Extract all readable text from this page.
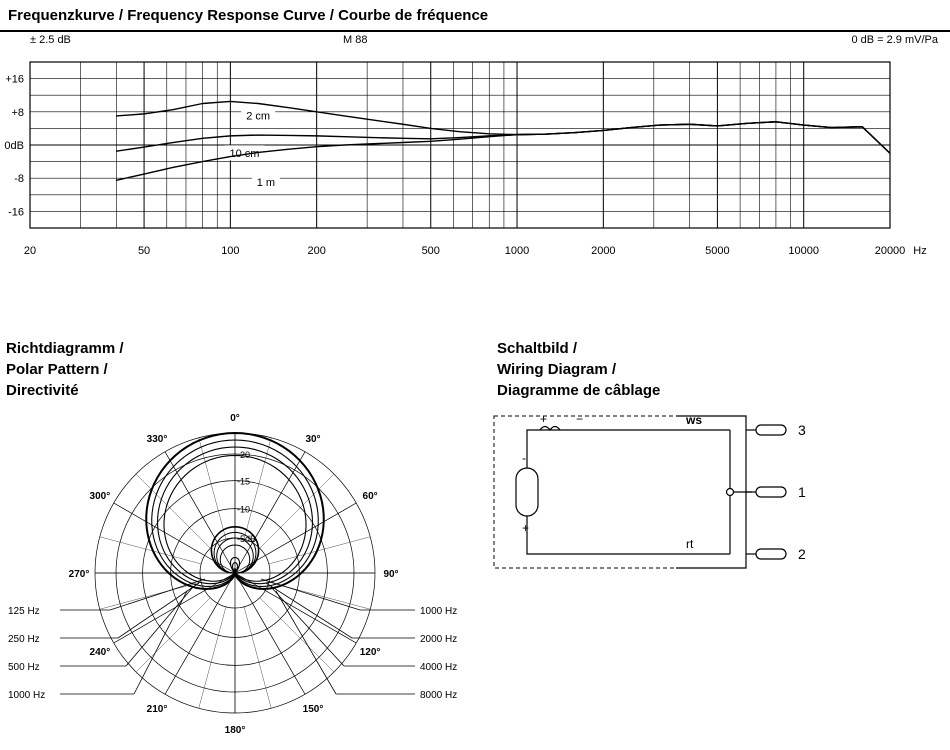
Frequenzkurve / Frequency Response Curve / Courbe de fréquence
± 2.5 dB	M 88	0 dB = 2.9 mV/Pa
-16
-8
0dB
+8
+16
20	50	100	200	500	1000	2000	5000	10000	20000 Hz
2 cm
10 cm
1 m
Richtdiagramm /
Polar Pattern /
Directivité
0°
30°
60°
90°
120°
150°
180°
210°
240°
270°
300°
330°
-5dB
-10
-15
-20
125 Hz
250 Hz
500 Hz
1000 Hz
1000 Hz
2000 Hz
4000 Hz
8000 Hz
Schaltbild /
Wiring Diagram /
Diagramme de câblage
-
+
+ −
3
1
2
ws
rt
